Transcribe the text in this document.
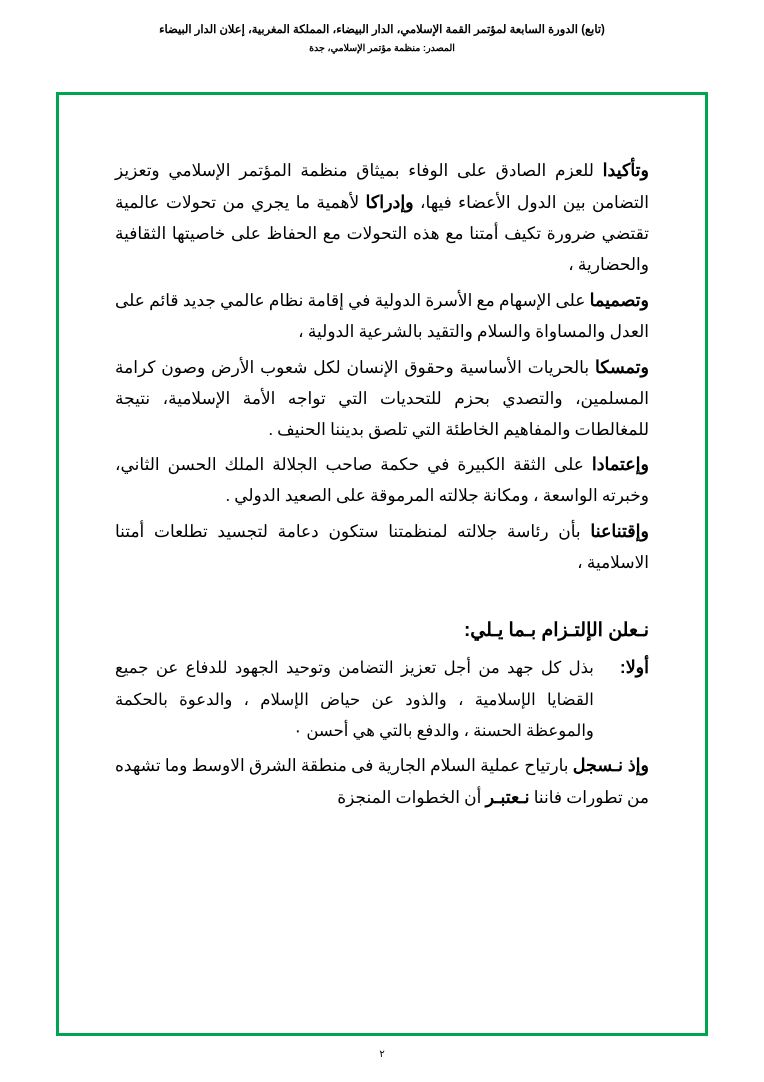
(تابع) الدورة السابعة لمؤتمر القمة الإسلامي، الدار البيضاء، المملكة المغربية، إعلان الدار البيضاء
المصدر: منظمة مؤتمر الإسلامي، جدة

وتأكيدا للعزم الصادق على الوفاء بميثاق منظمة المؤتمر الإسلامي وتعزيز التضامن بين الدول الأعضاء فيها، وإدراكا لأهمية ما يجري من تحولات عالمية تقتضي ضرورة تكيف أمتنا مع هذه التحولات مع الحفاظ على خاصيتها الثقافية والحضارية ،

وتصميما على الإسهام مع الأسرة الدولية في إقامة نظام عالمي جديد قائم على العدل والمساواة والسلام والتقيد بالشرعية الدولية ،

وتمسكا بالحريات الأساسية وحقوق الإنسان لكل شعوب الأرض وصون كرامة المسلمين، والتصدي بحزم للتحديات التي تواجه الأمة الإسلامية، نتيجة للمغالطات والمفاهيم الخاطئة التي تلصق بديننا الحنيف .

وإعتمادا على الثقة الكبيرة في حكمة صاحب الجلالة الملك الحسن الثاني، وخبرته الواسعة ، ومكانة جلالته المرموقة على الصعيد الدولي .

وإقتناعنا بأن رئاسة جلالته لمنظمتنا ستكون دعامة لتجسيد تطلعات أمتنا الاسلامية ،

نـعلن الإلتـزام بـما يـلي:

أولا:
بذل كل جهد من أجل تعزيز التضامن وتوحيد الجهود للدفاع عن جميع القضايا الإسلامية ، والذود عن حياض الإسلام ، والدعوة بالحكمة والموعظة الحسنة ، والدفع بالتي هي أحسن ٠

وإذ نـسجل بارتياح عملية السلام الجارية فى منطقة الشرق الاوسط وما تشهده من تطورات فاننا نـعتبـر أن الخطوات المنجزة

٢
